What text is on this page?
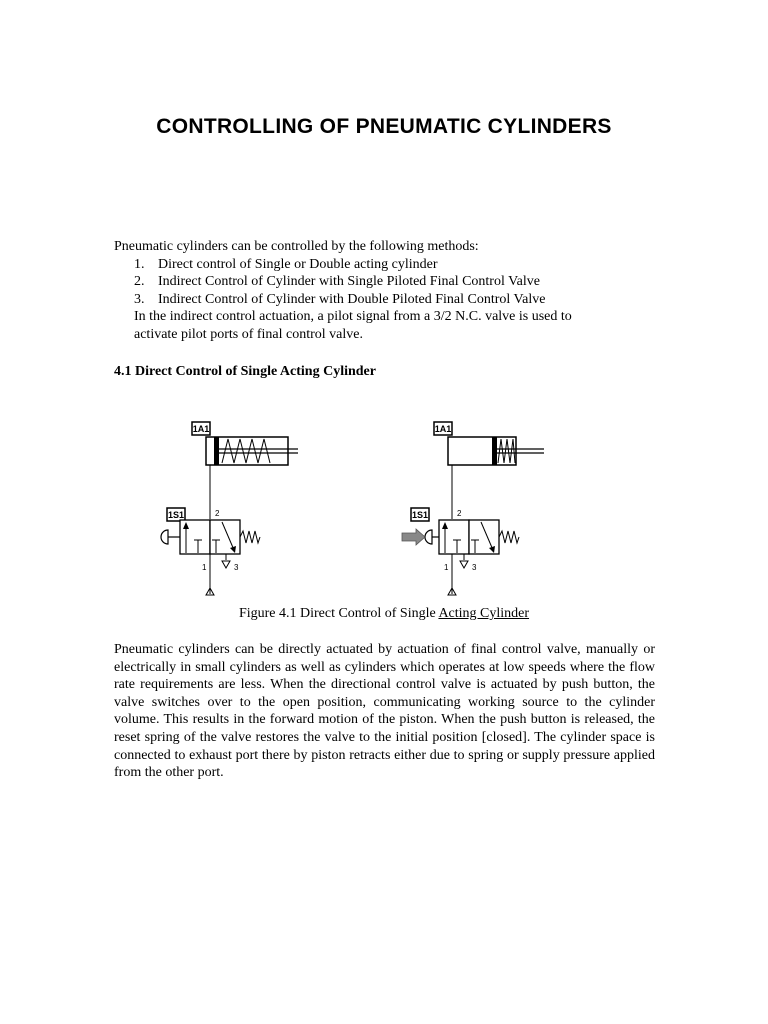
CONTROLLING OF PNEUMATIC CYLINDERS
Pneumatic cylinders can be controlled by the following methods:
1. Direct control of Single or Double acting cylinder
2. Indirect Control of Cylinder with Single Piloted Final Control Valve
3. Indirect Control of Cylinder with Double Piloted Final Control Valve
In the indirect control actuation, a pilot signal from a 3/2 N.C. valve is used to
activate pilot ports of final control valve.
4.1 Direct Control of Single Acting Cylinder
1A1
1S1	2
1	3
1A1
1S1	2
1	3
Figure 4.1 Direct Control of Single Acting Cylinder
Pneumatic cylinders can be directly actuated by actuation of final control valve, manually or electrically in small cylinders as well as cylinders which operates at low speeds where the flow rate requirements are less. When the directional control valve is actuated by push button, the valve switches over to the open position, communicating working source to the cylinder volume. This results in the forward motion of the piston. When the push button is released, the reset spring of the valve restores the valve to the initial position [closed]. The cylinder space is connected to exhaust port there by piston retracts either due to spring or supply pressure applied from the other port.
